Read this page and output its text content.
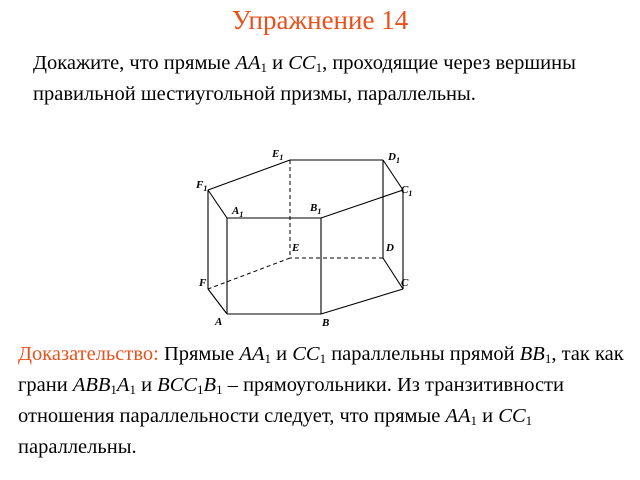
Упражнение 14
Докажите, что прямые $AA_1$ и $CC_1$, проходящие через вершины правильной шестиугольной призмы, параллельны.
$E_1$	$D_1$
$F_1$	$C_1$
$A_1$
$B_1$
E	D
F	C
A	B
Доказательство: Прямые $AA_1$ и $CC_1$ параллельны прямой $BB_1$, так как грани $ABB_1A_1$ и $BCC_1B_1$ – прямоугольники. Из транзитивности отношения параллельности следует, что прямые $AA_1$ и $CC_1$ параллельны.
